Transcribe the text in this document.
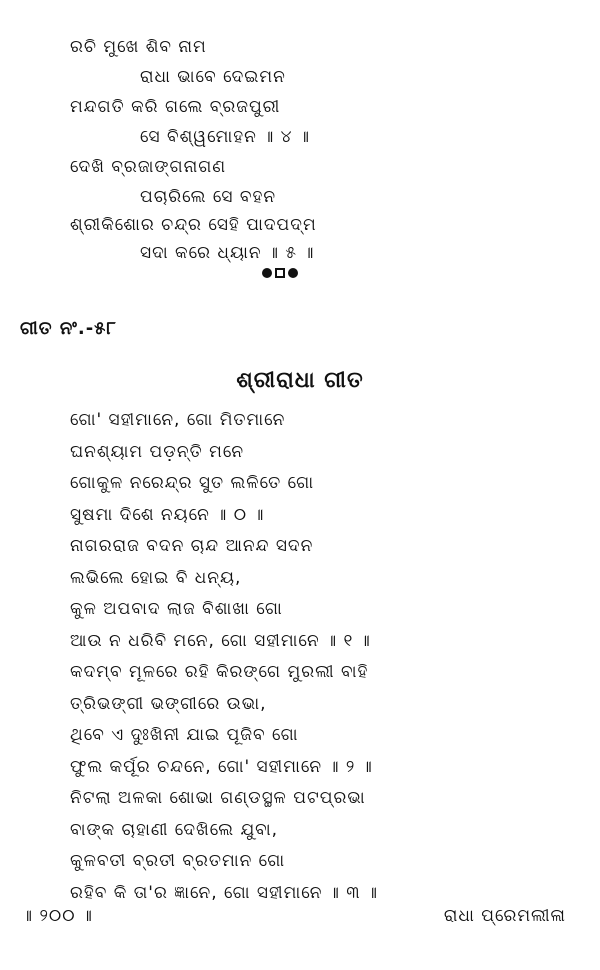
ରଚି ମୁଖେ ଶିବ ନାମ
ରାଧା ଭାବେ ଦେଇମନ
ମନ୍ଦଗତି କରି ଗଲେ ବ୍ରଜପୁରୀ
ସେ ବିଶ୍ୱମୋହନ ॥ ୪ ॥
ଦେଖି ବ୍ରଜାଙ୍ଗନାଗଣ
ପଚାରିଲେ ସେ ବହନ
ଶ୍ରୀକିଶୋର ଚନ୍ଦ୍ର ସେହି ପାଦପଦ୍ମ
ସଦା କରେ ଧ୍ୟାନ ॥ ୫ ॥
ଗୀତ ନଂ.-୫୮
ଶ୍ରୀରାଧା ଗୀତ
ଗୋ' ସହୀମାନେ, ଗୋ ମିତମାନେ
ଘନଶ୍ୟାମ ପଡ଼ନ୍ତି ମନେ
ଗୋକୁଳ ନରେନ୍ଦ୍ର ସୁତ ଲଳିତେ ଗୋ
ସୁଷମା ଦିଶେ ନୟନେ ॥ ୦ ॥
ନାଗରରାଜ ବଦନ ଚାନ୍ଦ ଆନନ୍ଦ ସଦନ
ଲଭିଲେ ହୋଇ ବି ଧନ୍ୟ,
କୁଳ ଅପବାଦ ଲାଜ ବିଶାଖା ଗୋ
ଆଉ ନ ଧରିବି ମନେ, ଗୋ ସହୀମାନେ ॥ ୧ ॥
କଦମ୍ବ ମୂଳରେ ରହି କିରଙ୍ଗେ ମୁରଲୀ ବାହି
ତ୍ରିଭଙ୍ଗୀ ଭଙ୍ଗୀରେ ଉଭା,
ଥିବେ ଏ ଦୁଃଖିନୀ ଯାଇ ପୂଜିବ ଗୋ
ଫୁଲ କର୍ପୂର ଚନ୍ଦନେ, ଗୋ' ସହୀମାନେ ॥ ୨ ॥
ନିଟଲା ଅଳକା ଶୋଭା ଗଣ୍ଡସ୍ଥଳ ପଟପ୍ରଭା
ବାଙ୍କ ଚାହାଣୀ ଦେଖିଲେ ଯୁବା,
କୁଳବତୀ ବ୍ରତୀ ବ୍ରତମାନ ଗୋ
ରହିବ କି ତା'ର ଜ୍ଞାନେ, ଗୋ ସହୀମାନେ ॥ ୩ ॥
॥ ୨୦୦ ॥	ରାଧା ପ୍ରେମଲୀଳା
